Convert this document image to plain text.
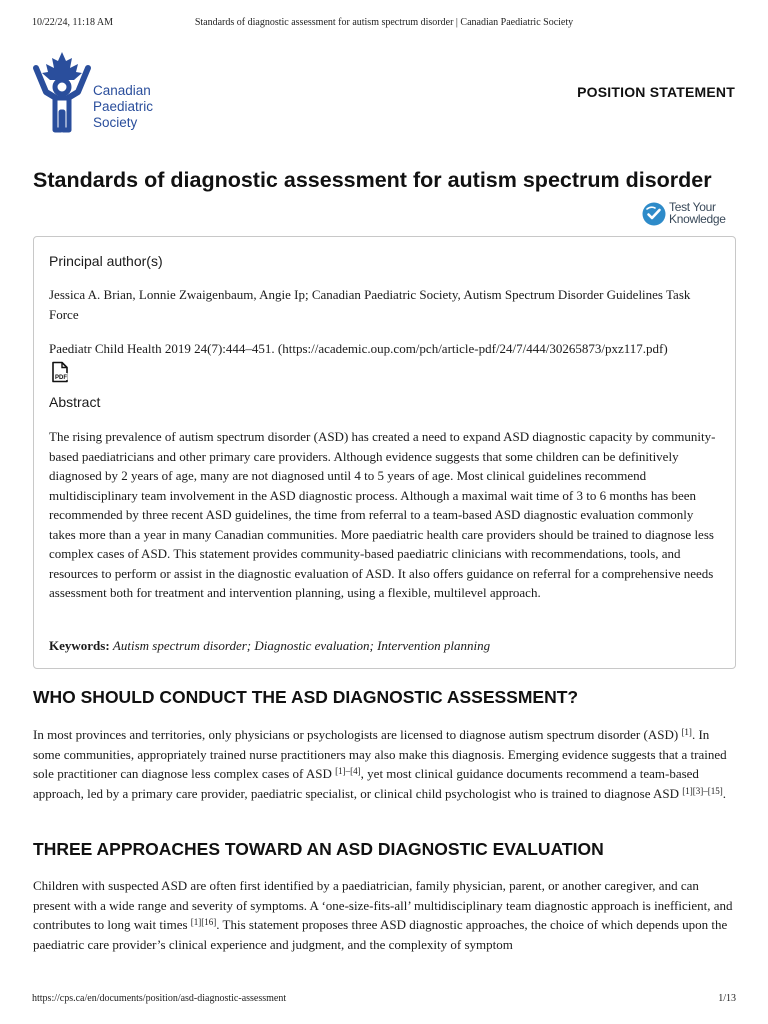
10/22/24, 11:18 AM	Standards of diagnostic assessment for autism spectrum disorder | Canadian Paediatric Society
Canadian
Paediatric
Society
POSITION STATEMENT
Standards of diagnostic assessment for autism spectrum disorder
Test Your
Knowledge
Principal author(s)
Jessica A. Brian, Lonnie Zwaigenbaum, Angie Ip; Canadian Paediatric Society, Autism Spectrum Disorder Guidelines Task Force
Paediatr Child Health 2019 24(7):444–451. (https://academic.oup.com/pch/article-pdf/24/7/444/30265873/pxz117.pdf)
PDF
Abstract
The rising prevalence of autism spectrum disorder (ASD) has created a need to expand ASD diagnostic capacity by community-based paediatricians and other primary care providers. Although evidence suggests that some children can be definitively diagnosed by 2 years of age, many are not diagnosed until 4 to 5 years of age. Most clinical guidelines recommend multidisciplinary team involvement in the ASD diagnostic process. Although a maximal wait time of 3 to 6 months has been recommended by three recent ASD guidelines, the time from referral to a team-based ASD diagnostic evaluation commonly takes more than a year in many Canadian communities. More paediatric health care providers should be trained to diagnose less complex cases of ASD. This statement provides community-based paediatric clinicians with recommendations, tools, and resources to perform or assist in the diagnostic evaluation of ASD. It also offers guidance on referral for a comprehensive needs assessment both for treatment and intervention planning, using a flexible, multilevel approach.
Keywords: Autism spectrum disorder; Diagnostic evaluation; Intervention planning
WHO SHOULD CONDUCT THE ASD DIAGNOSTIC ASSESSMENT?

In most provinces and territories, only physicians or psychologists are licensed to diagnose autism spectrum disorder (ASD) [1]. In some communities, appropriately trained nurse practitioners may also make this diagnosis. Emerging evidence suggests that a trained sole practitioner can diagnose less complex cases of ASD [1]–[4], yet most clinical guidance documents recommend a team-based approach, led by a primary care provider, paediatric specialist, or clinical child psychologist who is trained to diagnose ASD [1][3]–[15].

THREE APPROACHES TOWARD AN ASD DIAGNOSTIC EVALUATION

Children with suspected ASD are often first identified by a paediatrician, family physician, parent, or another caregiver, and can present with a wide range and severity of symptoms. A ‘one-size-fits-all’ multidisciplinary team diagnostic approach is inefficient, and contributes to long wait times [1][16]. This statement proposes three ASD diagnostic approaches, the choice of which depends upon the paediatric care provider’s clinical experience and judgment, and the complexity of symptom

https://cps.ca/en/documents/position/asd-diagnostic-assessment	1/13
